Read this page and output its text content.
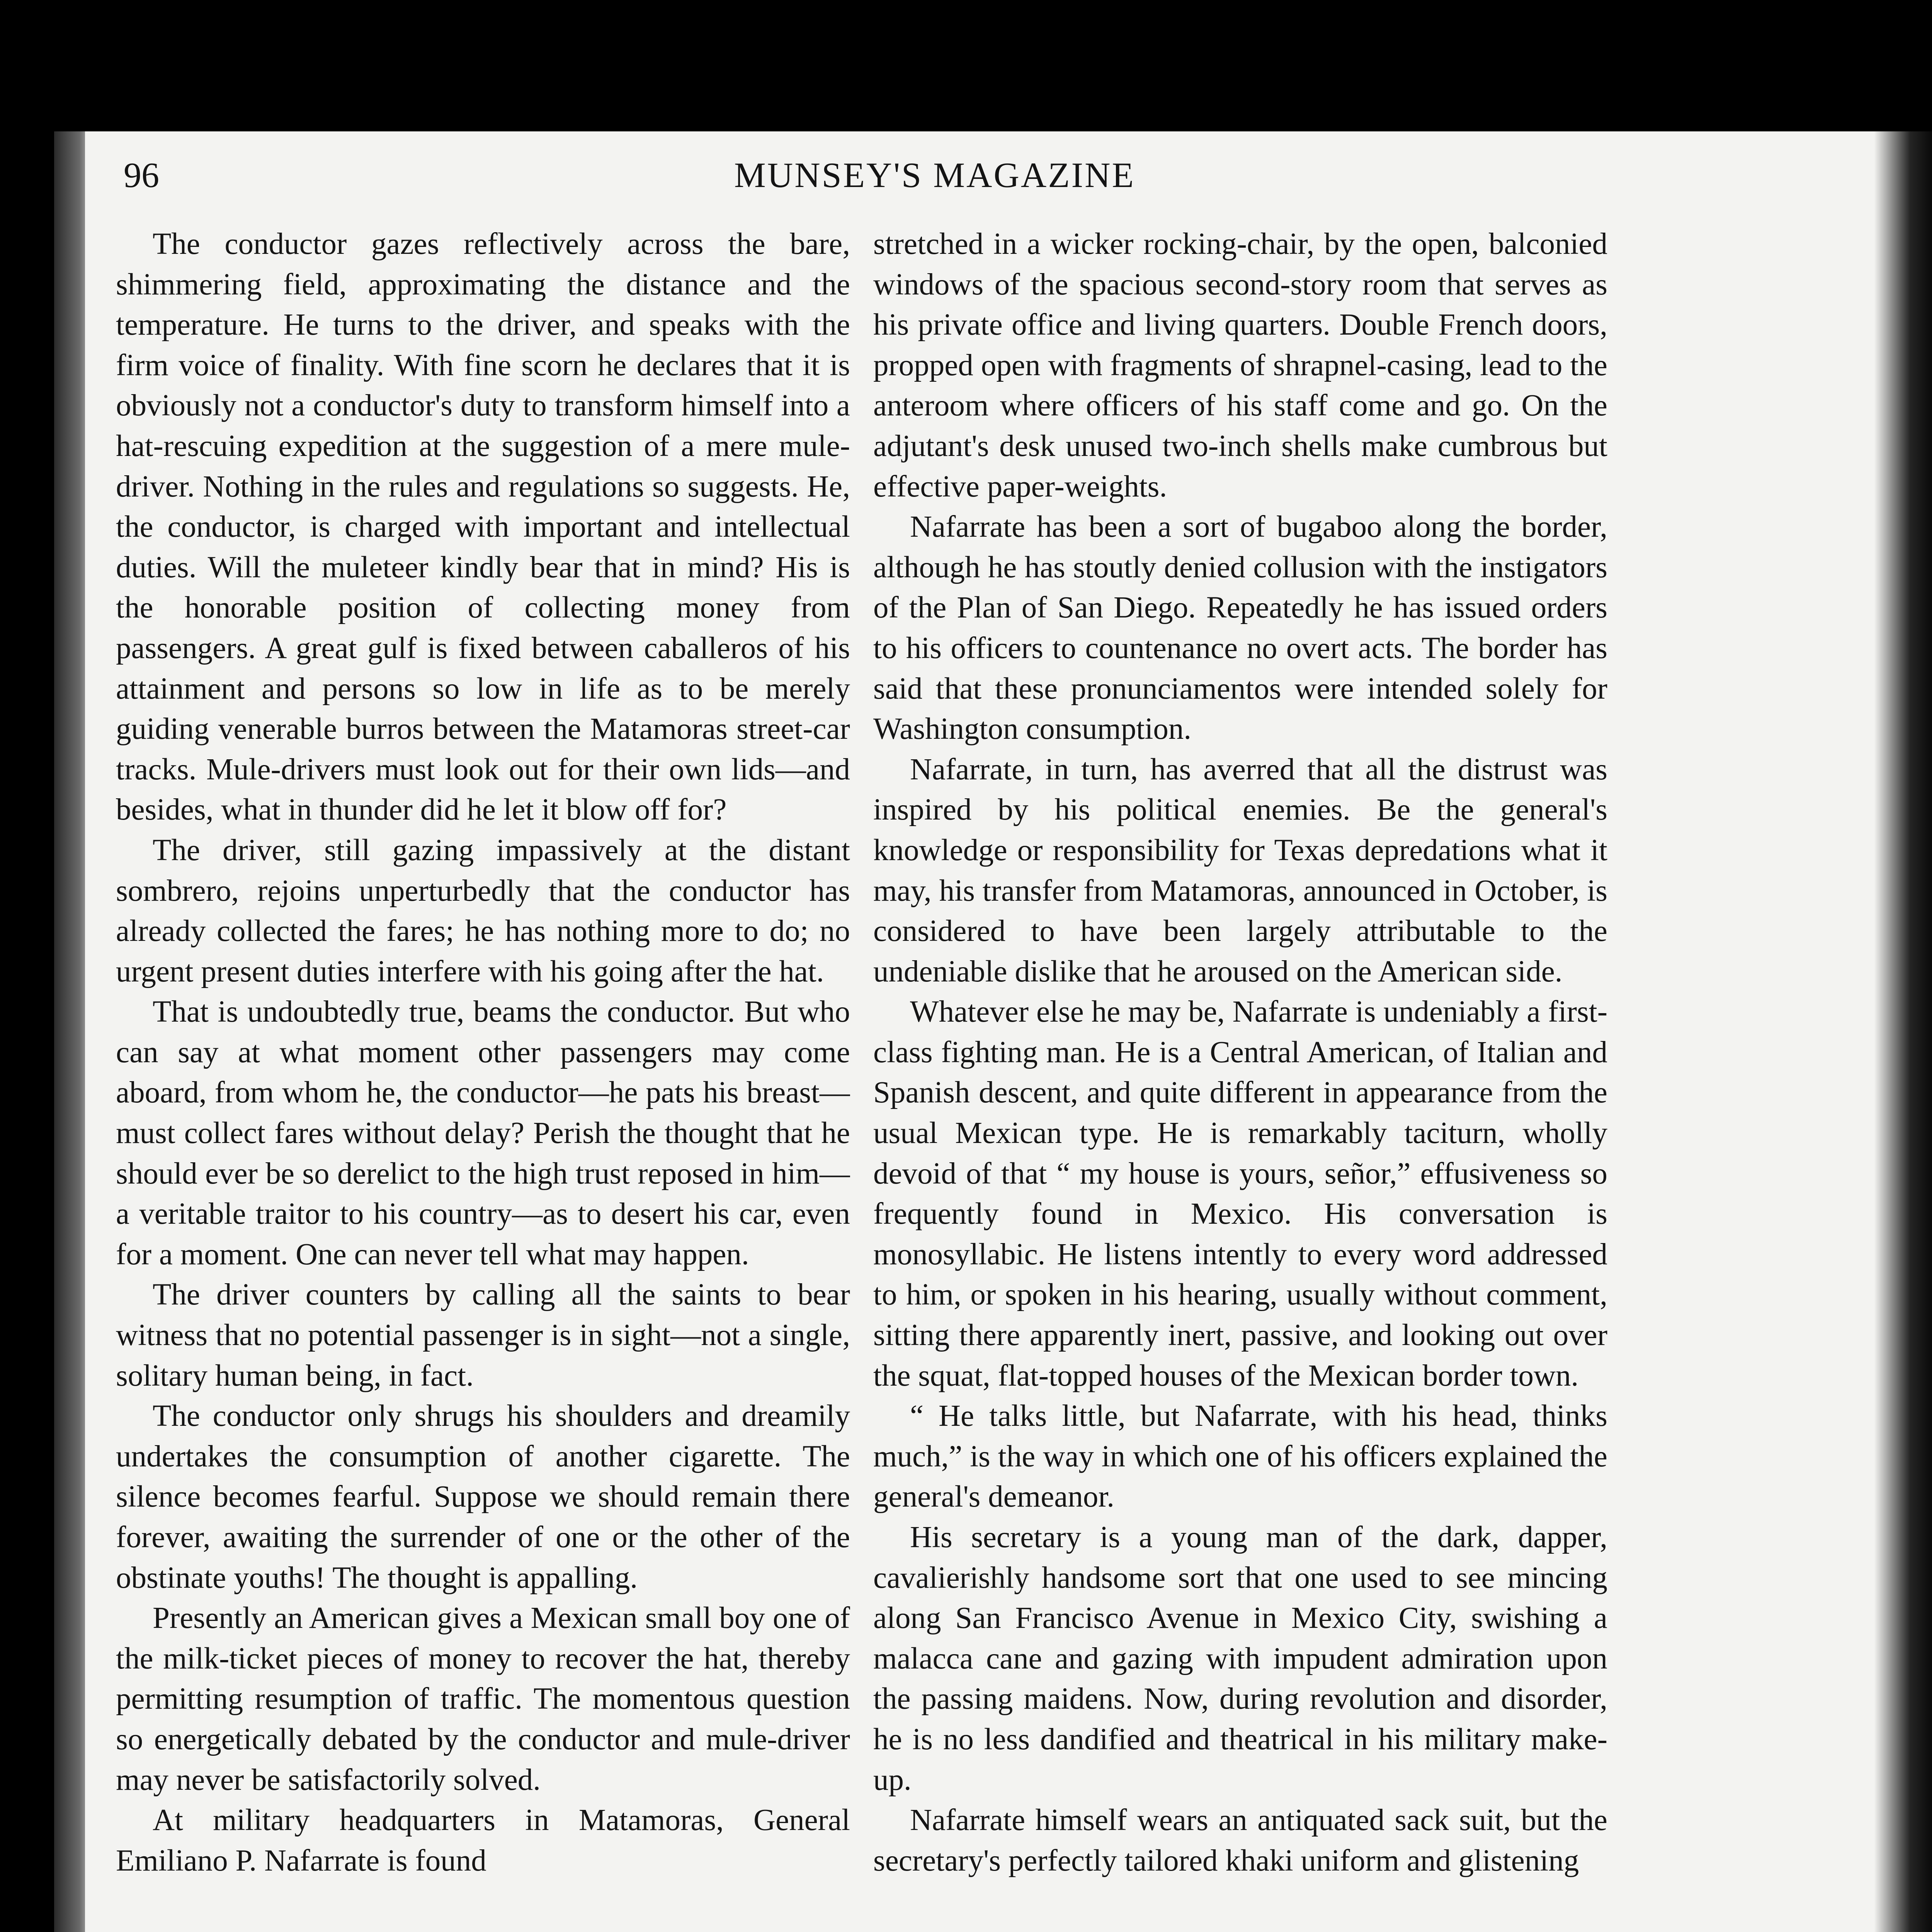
96	MUNSEY'S MAGAZINE

The conductor gazes reflectively across the bare, shimmering field, approximating the distance and the temperature. He turns to the driver, and speaks with the firm voice of finality. With fine scorn he declares that it is obviously not a conductor's duty to transform himself into a hat-rescuing expedition at the suggestion of a mere mule-driver. Nothing in the rules and regulations so suggests. He, the conductor, is charged with important and intellectual duties. Will the muleteer kindly bear that in mind? His is the honorable position of collecting money from passengers. A great gulf is fixed between caballeros of his attainment and persons so low in life as to be merely guiding venerable burros between the Matamoras street-car tracks. Mule-drivers must look out for their own lids—and besides, what in thunder did he let it blow off for?

The driver, still gazing impassively at the distant sombrero, rejoins unperturbedly that the conductor has already collected the fares; he has nothing more to do; no urgent present duties interfere with his going after the hat.

That is undoubtedly true, beams the conductor. But who can say at what moment other passengers may come aboard, from whom he, the conductor—he pats his breast—must collect fares without delay? Perish the thought that he should ever be so derelict to the high trust reposed in him—a veritable traitor to his country—as to desert his car, even for a moment. One can never tell what may happen.

The driver counters by calling all the saints to bear witness that no potential passenger is in sight—not a single, solitary human being, in fact.

The conductor only shrugs his shoulders and dreamily undertakes the consumption of another cigarette. The silence becomes fearful. Suppose we should remain there forever, awaiting the surrender of one or the other of the obstinate youths! The thought is appalling.

Presently an American gives a Mexican small boy one of the milk-ticket pieces of money to recover the hat, thereby permitting resumption of traffic. The momentous question so energetically debated by the conductor and mule-driver may never be satisfactorily solved.

At military headquarters in Matamoras, General Emiliano P. Nafarrate is found

stretched in a wicker rocking-chair, by the open, balconied windows of the spacious second-story room that serves as his private office and living quarters. Double French doors, propped open with fragments of shrapnel-casing, lead to the anteroom where officers of his staff come and go. On the adjutant's desk unused two-inch shells make cumbrous but effective paper-weights.

Nafarrate has been a sort of bugaboo along the border, although he has stoutly denied collusion with the instigators of the Plan of San Diego. Repeatedly he has issued orders to his officers to countenance no overt acts. The border has said that these pronunciamentos were intended solely for Washington consumption.

Nafarrate, in turn, has averred that all the distrust was inspired by his political enemies. Be the general's knowledge or responsibility for Texas depredations what it may, his transfer from Matamoras, announced in October, is considered to have been largely attributable to the undeniable dislike that he aroused on the American side.

Whatever else he may be, Nafarrate is undeniably a first-class fighting man. He is a Central American, of Italian and Spanish descent, and quite different in appearance from the usual Mexican type. He is remarkably taciturn, wholly devoid of that “ my house is yours, señor,” effusiveness so frequently found in Mexico. His conversation is monosyllabic. He listens intently to every word addressed to him, or spoken in his hearing, usually without comment, sitting there apparently inert, passive, and looking out over the squat, flat-topped houses of the Mexican border town.

“ He talks little, but Nafarrate, with his head, thinks much,” is the way in which one of his officers explained the general's demeanor.

His secretary is a young man of the dark, dapper, cavalierishly handsome sort that one used to see mincing along San Francisco Avenue in Mexico City, swishing a malacca cane and gazing with impudent admiration upon the passing maidens. Now, during revolution and disorder, he is no less dandified and theatrical in his military make-up.

Nafarrate himself wears an antiquated sack suit, but the secretary's perfectly tailored khaki uniform and glistening
